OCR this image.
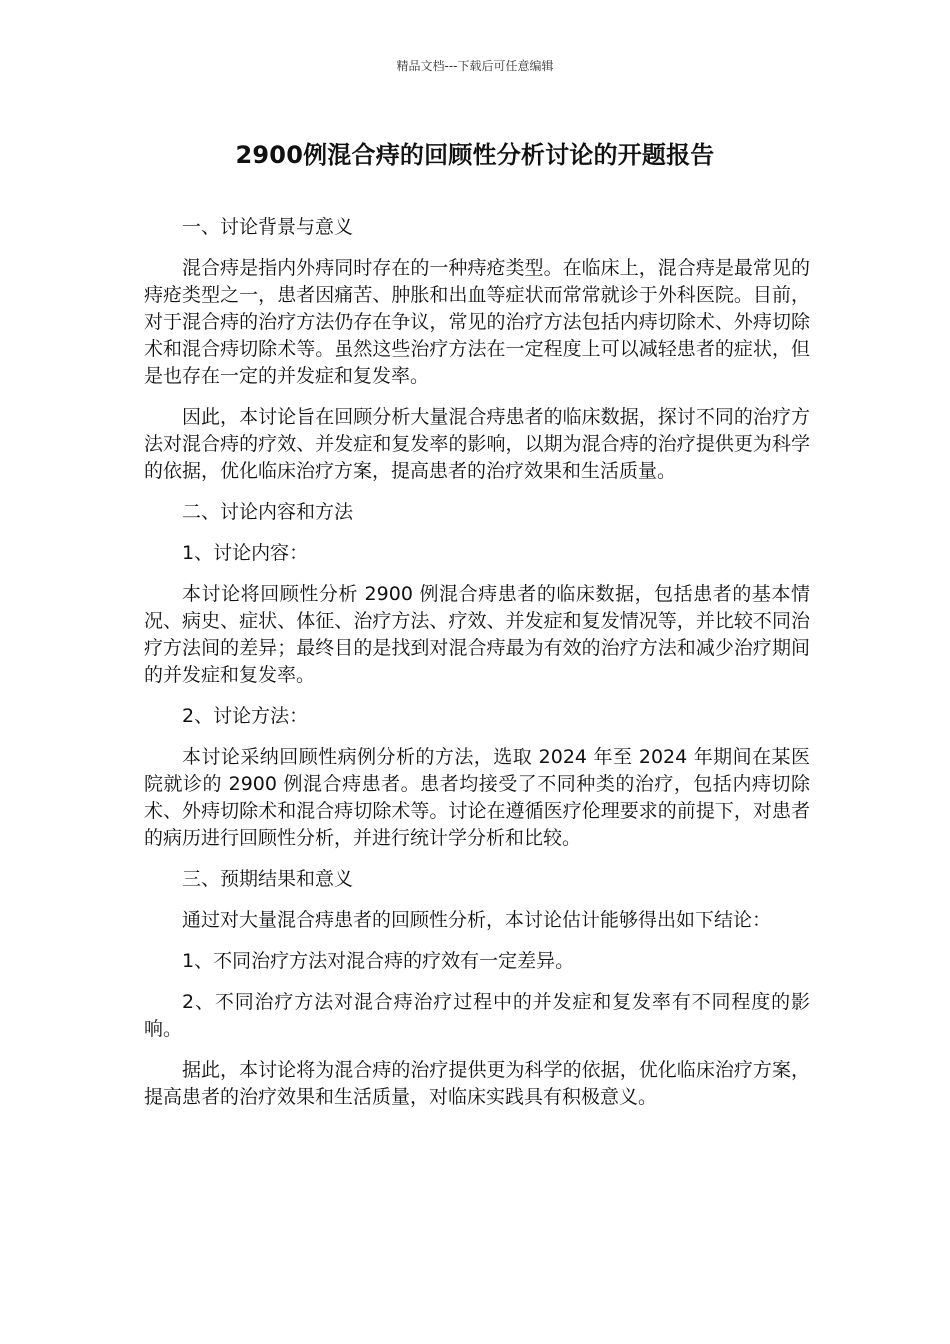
精品文档---下载后可任意编辑
2900例混合痔的回顾性分析讨论的开题报告

一、讨论背景与意义

混合痔是指内外痔同时存在的一种痔疮类型。在临床上，混合痔是最常见的痔疮类型之一，患者因痛苦、肿胀和出血等症状而常常就诊于外科医院。目前，对于混合痔的治疗方法仍存在争议，常见的治疗方法包括内痔切除术、外痔切除术和混合痔切除术等。虽然这些治疗方法在一定程度上可以减轻患者的症状，但是也存在一定的并发症和复发率。

因此，本讨论旨在回顾分析大量混合痔患者的临床数据，探讨不同的治疗方法对混合痔的疗效、并发症和复发率的影响，以期为混合痔的治疗提供更为科学的依据，优化临床治疗方案，提高患者的治疗效果和生活质量。

二、讨论内容和方法

1、讨论内容：

本讨论将回顾性分析 2900 例混合痔患者的临床数据，包括患者的基本情况、病史、症状、体征、治疗方法、疗效、并发症和复发情况等，并比较不同治疗方法间的差异；最终目的是找到对混合痔最为有效的治疗方法和减少治疗期间的并发症和复发率。

2、讨论方法：

本讨论采纳回顾性病例分析的方法，选取 2024 年至 2024 年期间在某医院就诊的 2900 例混合痔患者。患者均接受了不同种类的治疗，包括内痔切除术、外痔切除术和混合痔切除术等。讨论在遵循医疗伦理要求的前提下，对患者的病历进行回顾性分析，并进行统计学分析和比较。

三、预期结果和意义

通过对大量混合痔患者的回顾性分析，本讨论估计能够得出如下结论：

1、不同治疗方法对混合痔的疗效有一定差异。

2、不同治疗方法对混合痔治疗过程中的并发症和复发率有不同程度的影响。

据此，本讨论将为混合痔的治疗提供更为科学的依据，优化临床治疗方案，提高患者的治疗效果和生活质量，对临床实践具有积极意义。
